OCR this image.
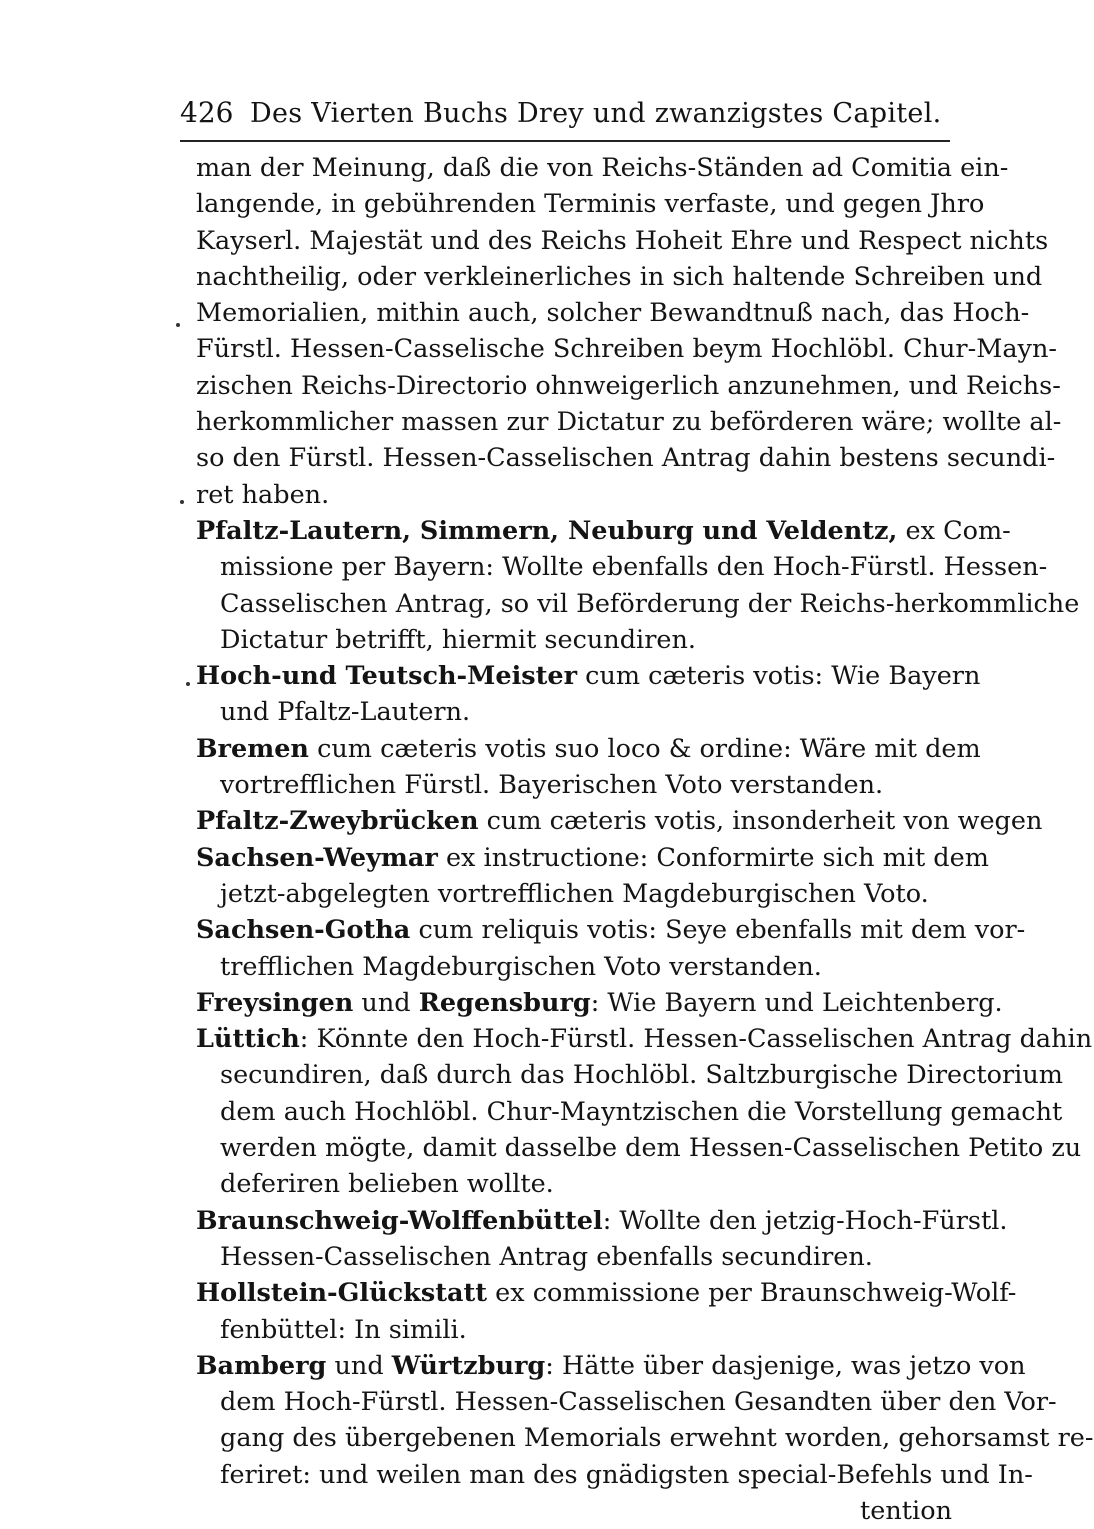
426 Des Vierten Buchs Drey und zwanzigstes Capitel.
man der Meinung, daß die von Reichs-Ständen ad Comitia ein-
langende, in gebührenden Terminis verfaste, und gegen Jhro
Kayserl. Majestät und des Reichs Hoheit Ehre und Respect nichts
nachtheilig, oder verkleinerliches in sich haltende Schreiben und
Memorialien, mithin auch, solcher Bewandtnuß nach, das Hoch-
Fürstl. Hessen-Casselische Schreiben beym Hochlöbl. Chur-Mayn-
zischen Reichs-Directorio ohnweigerlich anzunehmen, und Reichs-
herkommlicher massen zur Dictatur zu beförderen wäre; wollte al-
so den Fürstl. Hessen-Casselischen Antrag dahin bestens secundi-
ret haben.
Pfaltz-Lautern, Simmern, Neuburg und Veldentz, ex Com-
missione per Bayern: Wollte ebenfalls den Hoch-Fürstl. Hessen-
Casselischen Antrag, so vil Beförderung der Reichs-herkommliche
Dictatur betrifft, hiermit secundiren.
Hoch-und Teutsch-Meister cum cæteris votis: Wie Bayern
und Pfaltz-Lautern.
Bremen cum cæteris votis suo loco & ordine: Wäre mit dem
vortrefflichen Fürstl. Bayerischen Voto verstanden.
Pfaltz-Zweybrücken cum cæteris votis, insonderheit von wegen
Sachsen-Weymar ex instructione: Conformirte sich mit dem
jetzt-abgelegten vortrefflichen Magdeburgischen Voto.
Sachsen-Gotha cum reliquis votis: Seye ebenfalls mit dem vor-
trefflichen Magdeburgischen Voto verstanden.
Freysingen und Regensburg: Wie Bayern und Leichtenberg.
Lüttich: Könnte den Hoch-Fürstl. Hessen-Casselischen Antrag dahin
secundiren, daß durch das Hochlöbl. Saltzburgische Directorium
dem auch Hochlöbl. Chur-Mayntzischen die Vorstellung gemacht
werden mögte, damit dasselbe dem Hessen-Casselischen Petito zu
deferiren belieben wollte.
Braunschweig-Wolffenbüttel: Wollte den jetzig-Hoch-Fürstl.
Hessen-Casselischen Antrag ebenfalls secundiren.
Hollstein-Glückstatt ex commissione per Braunschweig-Wolf-
fenbüttel: In simili.
Bamberg und Würtzburg: Hätte über dasjenige, was jetzo von
dem Hoch-Fürstl. Hessen-Casselischen Gesandten über den Vor-
gang des übergebenen Memorials erwehnt worden, gehorsamst re-
feriret: und weilen man des gnädigsten special-Befehls und In-
tention
